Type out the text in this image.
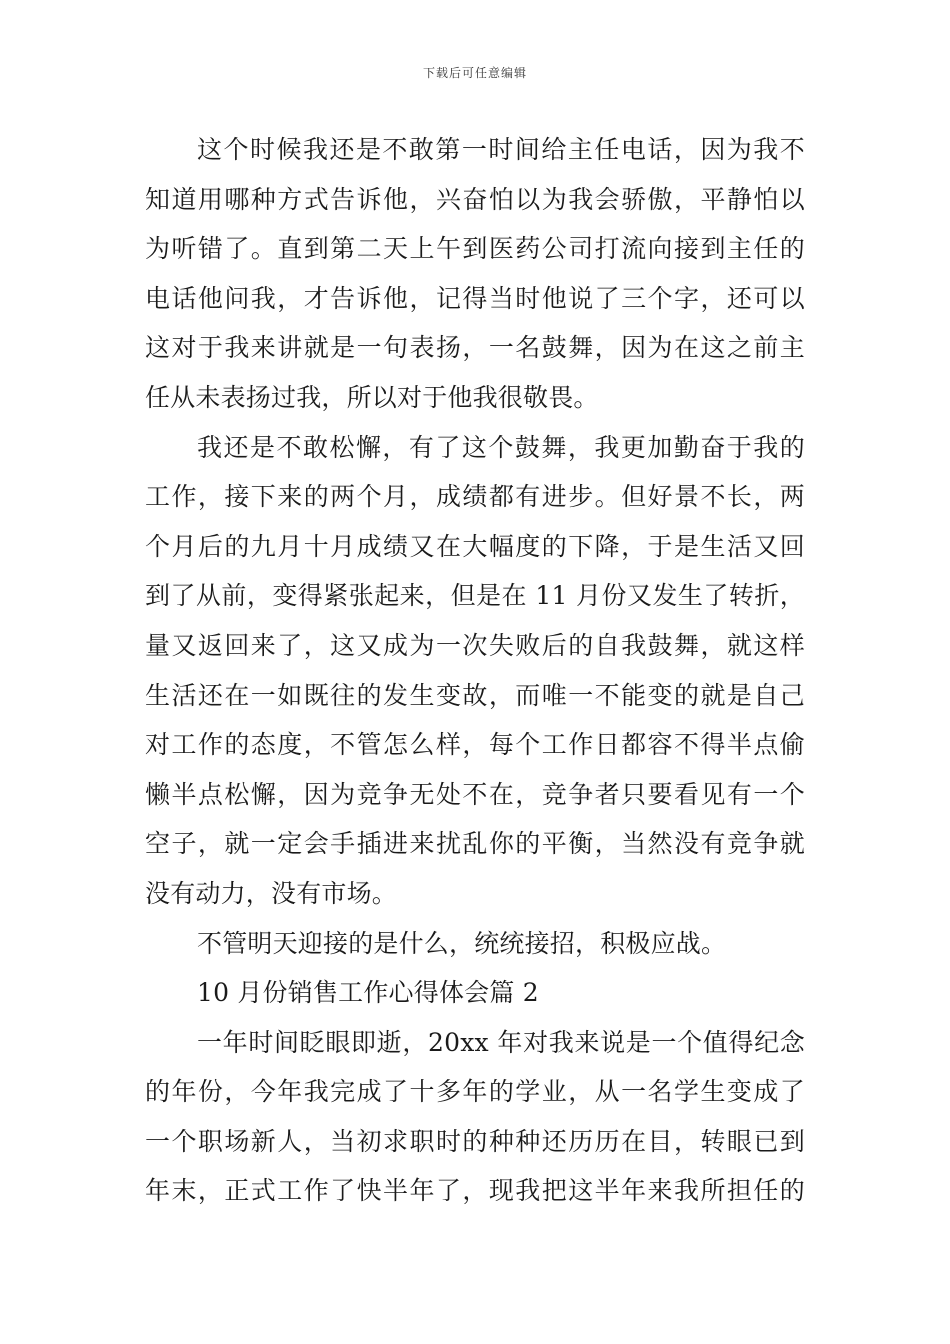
下载后可任意编辑
这个时候我还是不敢第一时间给主任电话，因为我不
知道用哪种方式告诉他，兴奋怕以为我会骄傲，平静怕以
为听错了。直到第二天上午到医药公司打流向接到主任的
电话他问我，才告诉他，记得当时他说了三个字，还可以
这对于我来讲就是一句表扬，一名鼓舞，因为在这之前主
任从未表扬过我，所以对于他我很敬畏。
我还是不敢松懈，有了这个鼓舞，我更加勤奋于我的
工作，接下来的两个月，成绩都有进步。但好景不长，两
个月后的九月十月成绩又在大幅度的下降，于是生活又回
到了从前，变得紧张起来，但是在 11 月份又发生了转折，
量又返回来了，这又成为一次失败后的自我鼓舞，就这样
生活还在一如既往的发生变故，而唯一不能变的就是自己
对工作的态度，不管怎么样，每个工作日都容不得半点偷
懒半点松懈，因为竞争无处不在，竞争者只要看见有一个
空子，就一定会手插进来扰乱你的平衡，当然没有竞争就
没有动力，没有市场。
不管明天迎接的是什么，统统接招，积极应战。
10 月份销售工作心得体会篇 2
一年时间眨眼即逝，20xx 年对我来说是一个值得纪念
的年份，今年我完成了十多年的学业，从一名学生变成了
一个职场新人，当初求职时的种种还历历在目，转眼已到
年末，正式工作了快半年了，现我把这半年来我所担任的
